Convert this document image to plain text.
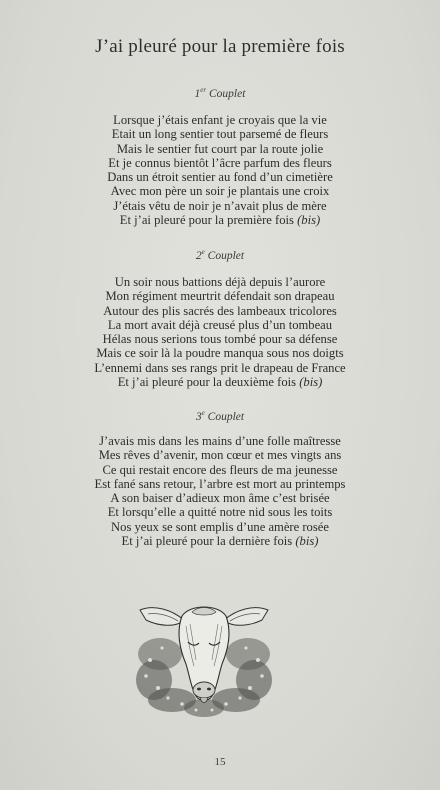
J’ai pleuré pour la première fois
1er Couplet
Lorsque j’étais enfant je croyais que la vie
Etait un long sentier tout parsemé de fleurs
Mais le sentier fut court par la route jolie
Et je connus bientôt l’âcre parfum des fleurs
Dans un étroit sentier au fond d’un cimetière
Avec mon père un soir je plantais une croix
J’étais vêtu de noir je n’avait plus de mère
Et j’ai pleuré pour la première fois (bis)
2e Couplet
Un soir nous battions déjà depuis l’aurore
Mon régiment meurtrit défendait son drapeau
Autour des plis sacrés des lambeaux tricolores
La mort avait déjà creusé plus d’un tombeau
Hélas nous serions tous tombé pour sa défense
Mais ce soir là la poudre manqua sous nos doigts
L’ennemi dans ses rangs prit le drapeau de France
Et j’ai pleuré pour la deuxième fois (bis)
3e Couplet
J’avais mis dans les mains d’une folle maîtresse
Mes rêves d’avenir, mon cœur et mes vingts ans
Ce qui restait encore des fleurs de ma jeunesse
Est fané sans retour, l’arbre est mort au printemps
A son baiser d’adieux mon âme c’est brisée
Et lorsqu’elle a quitté notre nid sous les toits
Nos yeux se sont emplis d’une amère rosée
Et j’ai pleuré pour la dernière fois (bis)
15
